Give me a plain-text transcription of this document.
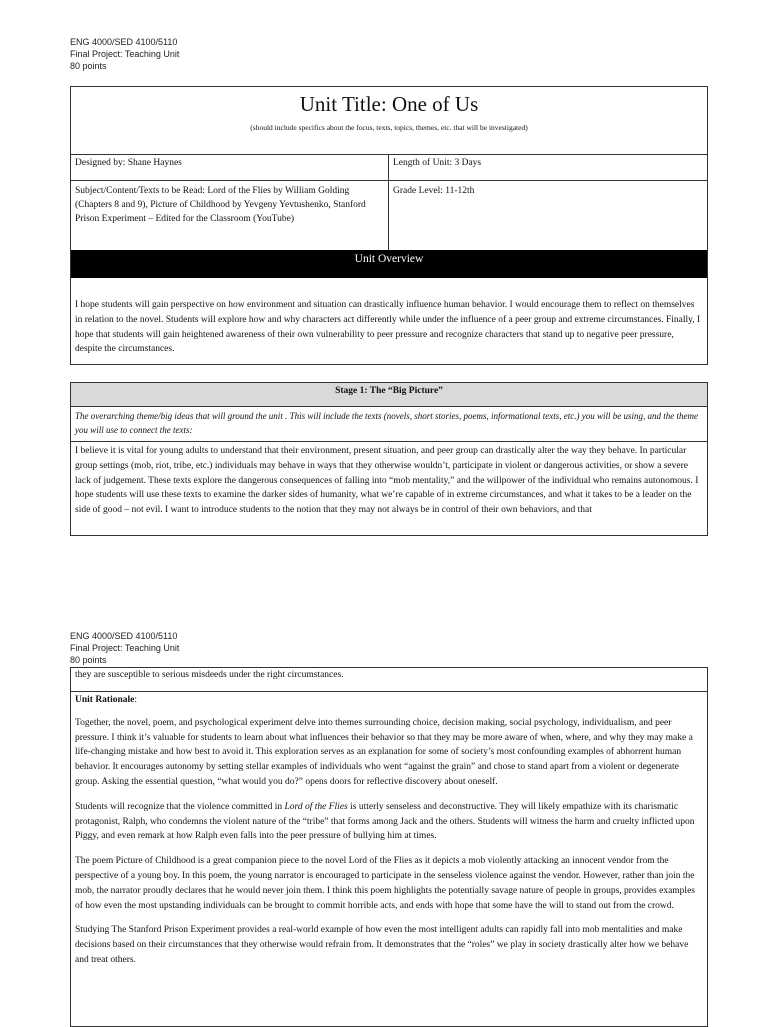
ENG 4000/SED 4100/5110
Final Project: Teaching Unit
80 points
Unit Title: One of Us
(should include specifics about the focus, texts, topics, themes, etc. that will be investigated)
Designed by: Shane Haynes	Length of Unit: 3 Days
Subject/Content/Texts to be Read: Lord of the Flies by William Golding (Chapters 8 and 9), Picture of Childhood by Yevgeny Yevtushenko, Stanford Prison Experiment – Edited for the Classroom (YouTube)
Grade Level: 11-12th
Unit Overview
I hope students will gain perspective on how environment and situation can drastically influence human behavior. I would encourage them to reflect on themselves in relation to the novel. Students will explore how and why characters act differently while under the influence of a peer group and extreme circumstances. Finally, I hope that students will gain heightened awareness of their own vulnerability to peer pressure and recognize characters that stand up to negative peer pressure, despite the circumstances.
Stage 1: The “Big Picture”
The overarching theme/big ideas that will ground the unit . This will include the texts (novels, short stories, poems, informational texts, etc.) you will be using, and the theme you will use to connect the texts:
I believe it is vital for young adults to understand that their environment, present situation, and peer group can drastically alter the way they behave. In particular group settings (mob, riot, tribe, etc.) individuals may behave in ways that they otherwise wouldn’t, participate in violent or dangerous activities, or show a severe lack of judgement. These texts explore the dangerous consequences of falling into “mob mentality,” and the willpower of the individual who remains autonomous. I hope students will use these texts to examine the darker sides of humanity, what we’re capable of in extreme circumstances, and what it takes to be a leader on the side of good – not evil. I want to introduce students to the notion that they may not always be in control of their own behaviors, and that
ENG 4000/SED 4100/5110
Final Project: Teaching Unit
80 points
they are susceptible to serious misdeeds under the right circumstances.

Unit Rationale:

Together, the novel, poem, and psychological experiment delve into themes surrounding choice, decision making, social psychology, individualism, and peer pressure. I think it’s valuable for students to learn about what influences their behavior so that they may be more aware of when, where, and why they may make a life-changing mistake and how best to avoid it. This exploration serves as an explanation for some of society’s most confounding examples of abhorrent human behavior. It encourages autonomy by setting stellar examples of individuals who went “against the grain” and chose to stand apart from a violent or degenerate group. Asking the essential question, “what would you do?” opens doors for reflective discovery about oneself.

Students will recognize that the violence committed in Lord of the Flies is utterly senseless and deconstructive. They will likely empathize with its charismatic protagonist, Ralph, who condemns the violent nature of the “tribe” that forms among Jack and the others. Students will witness the harm and cruelty inflicted upon Piggy, and even remark at how Ralph even falls into the peer pressure of bullying him at times.

The poem Picture of Childhood is a great companion piece to the novel Lord of the Flies as it depicts a mob violently attacking an innocent vendor from the perspective of a young boy. In this poem, the young narrator is encouraged to participate in the senseless violence against the vendor. However, rather than join the mob, the narrator proudly declares that he would never join them. I think this poem highlights the potentially savage nature of people in groups, provides examples of how even the most upstanding individuals can be brought to commit horrible acts, and ends with hope that some have the will to stand out from the crowd.

Studying The Stanford Prison Experiment provides a real-world example of how even the most intelligent adults can rapidly fall into mob mentalities and make decisions based on their circumstances that they otherwise would refrain from. It demonstrates that the “roles” we play in society drastically alter how we behave and treat others.
